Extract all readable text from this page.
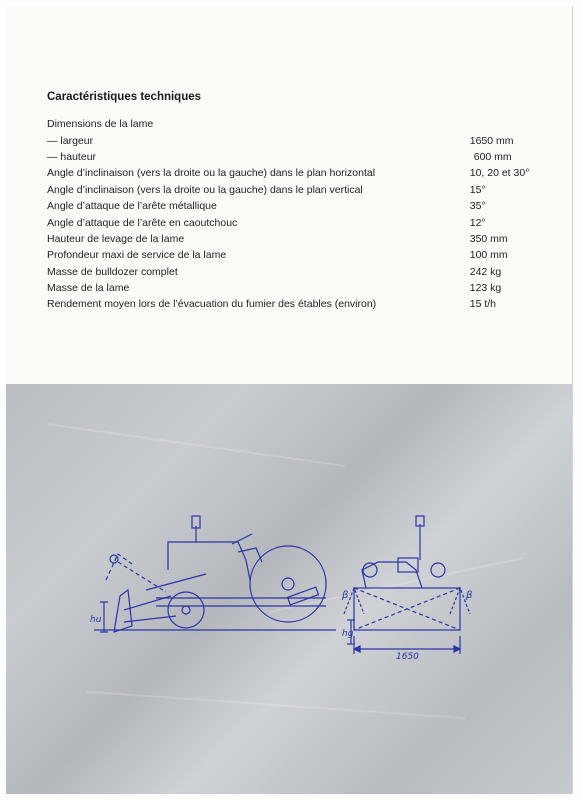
Caractéristiques techniques
Dimensions de la lame	
— largeur	1650 mm
— hauteur	600 mm
Angle d’inclinaison (vers la droite ou la gauche) dans le plan horizontal	10, 20 et 30°
Angle d’inclinaison (vers la droite ou la gauche) dans le plan vertical	15°
Angle d’attaque de l’arête métallique	35°
Angle d’attaque de l’arête en caoutchouc	12°
Hauteur de levage de la lame	350 mm
Profondeur maxi de service de la lame	100 mm
Masse de bulldozer complet	242 kg
Masse de la lame	123 kg
Rendement moyen lors de l’évacuation du fumier des étables (environ)	15 t/h
hu
hg
1650
β	β
